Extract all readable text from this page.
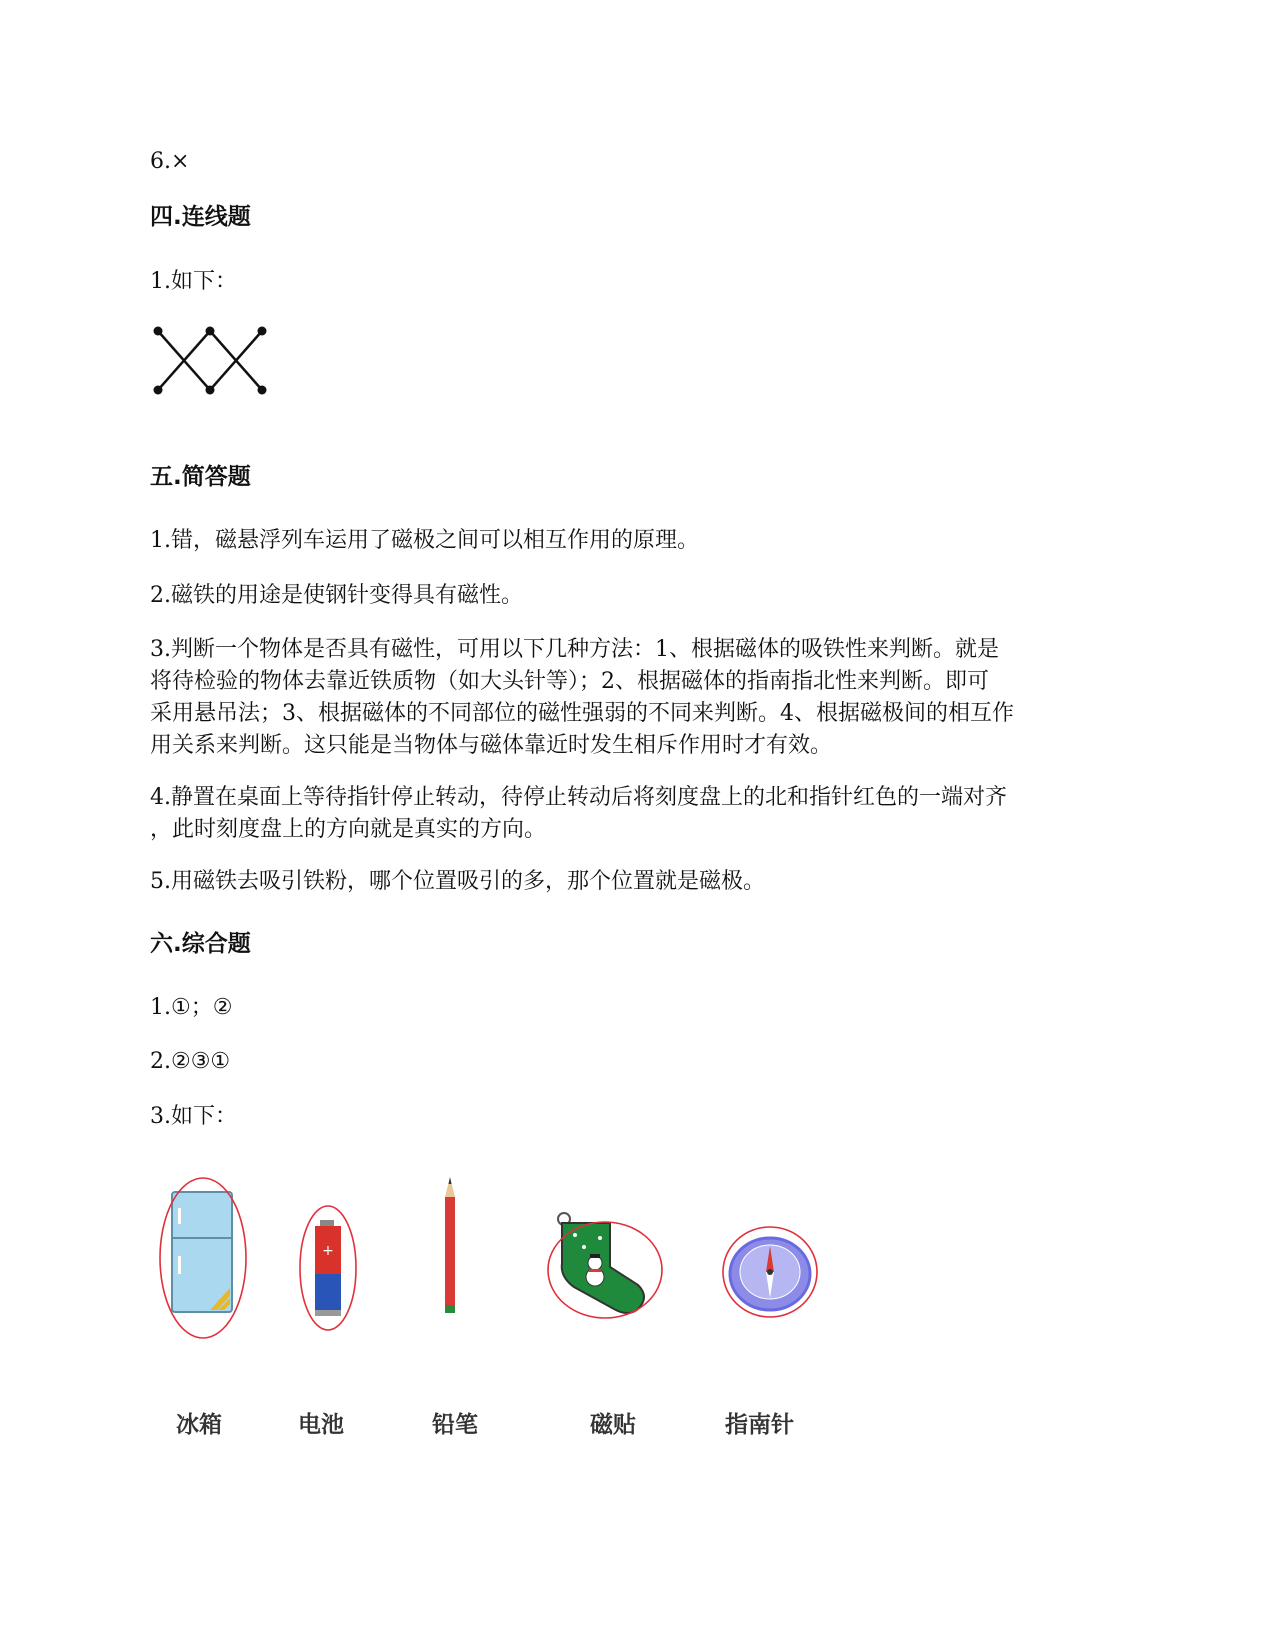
6.×
四.连线题
1.如下：
五.简答题
1.错，磁悬浮列车运用了磁极之间可以相互作用的原理。
2.磁铁的用途是使钢针变得具有磁性。
3.判断一个物体是否具有磁性，可用以下几种方法：1、根据磁体的吸铁性来判断。就是
将待检验的物体去靠近铁质物（如大头针等）；2、根据磁体的指南指北性来判断。即可
采用悬吊法；3、根据磁体的不同部位的磁性强弱的不同来判断。4、根据磁极间的相互作
用关系来判断。这只能是当物体与磁体靠近时发生相斥作用时才有效。
4.静置在桌面上等待指针停止转动，待停止转动后将刻度盘上的北和指针红色的一端对齐
，此时刻度盘上的方向就是真实的方向。
5.用磁铁去吸引铁粉，哪个位置吸引的多，那个位置就是磁极。
六.综合题
1.①；②
2.②③①
3.如下：
+
冰箱	电池	铅笔	磁贴	指南针
